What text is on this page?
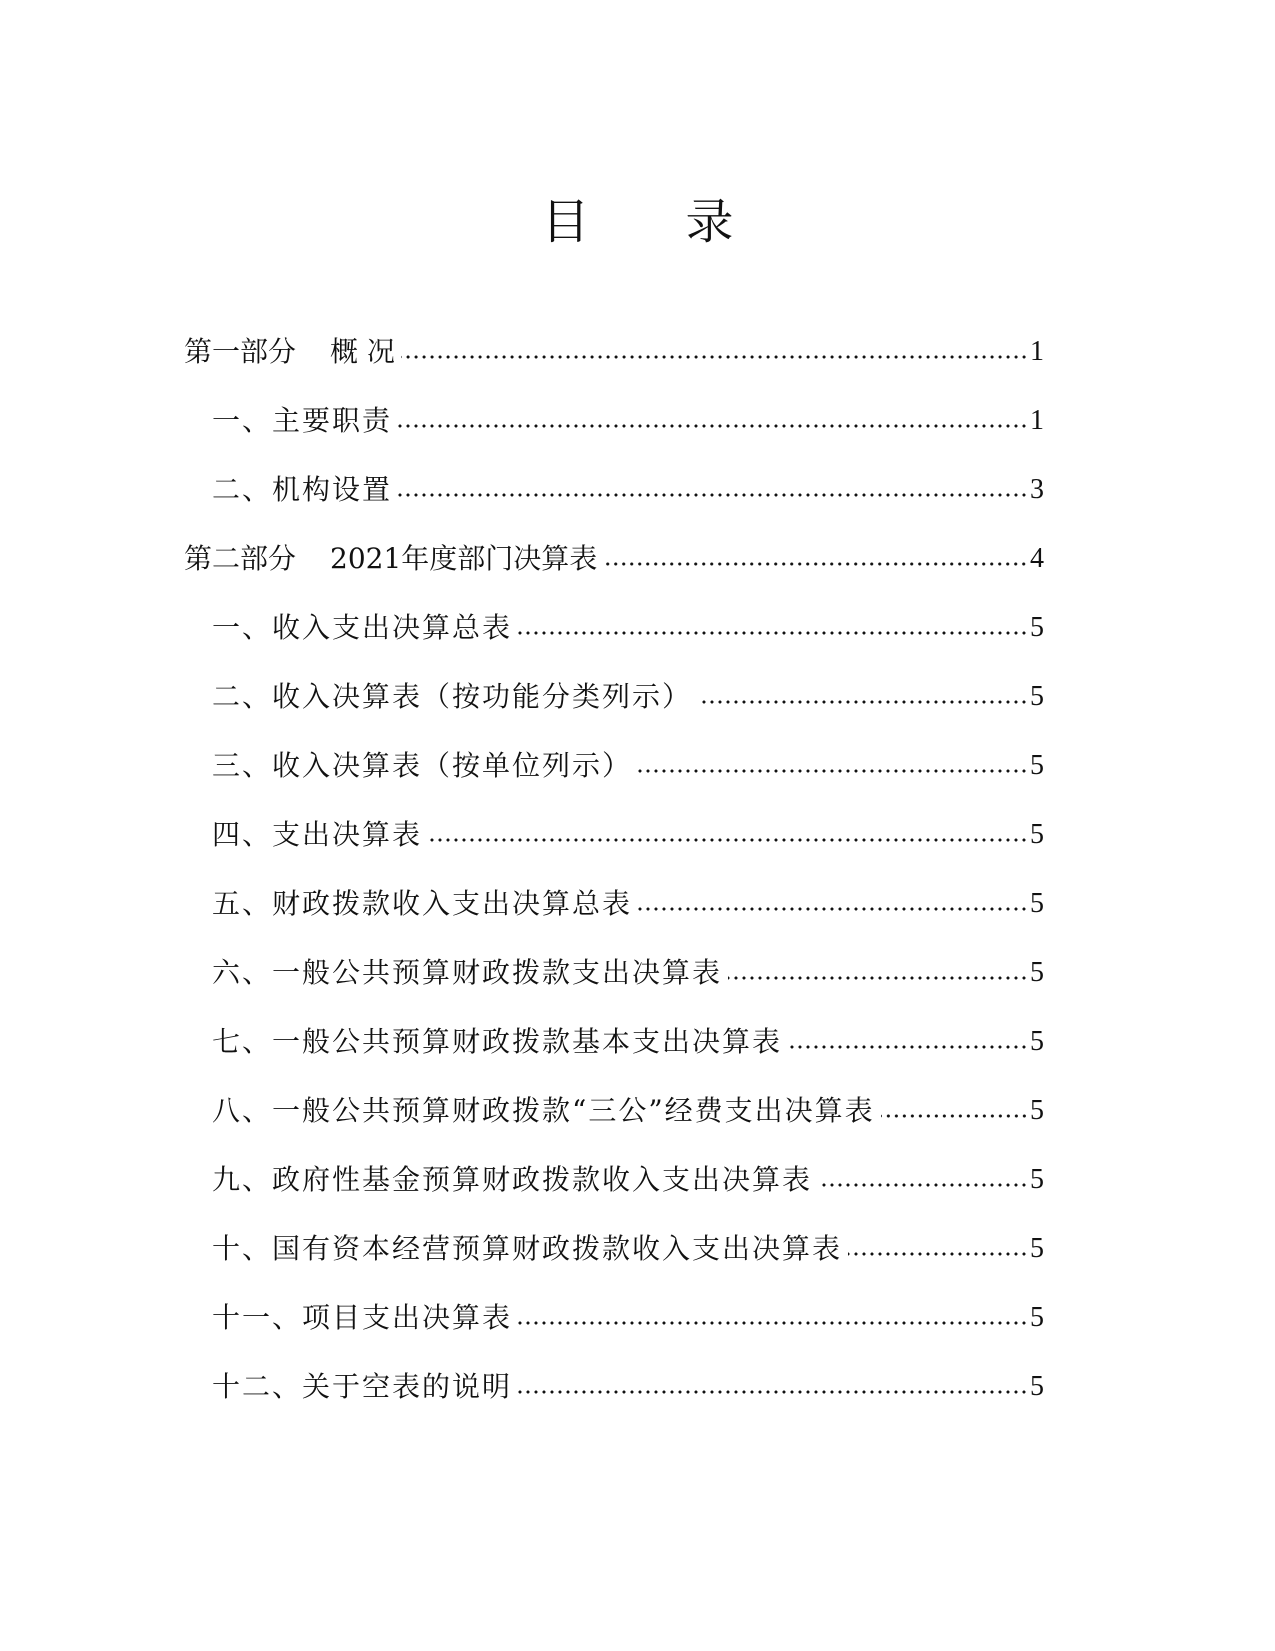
目 录
第一部分 概 况	1
一、主要职责	1
二、机构设置	3
第二部分 2021年度部门决算表	4
一、收入支出决算总表	5
二、收入决算表（按功能分类列示）	5
三、收入决算表（按单位列示）	5
四、支出决算表	5
五、财政拨款收入支出决算总表	5
六、一般公共预算财政拨款支出决算表	5
七、一般公共预算财政拨款基本支出决算表	5
八、一般公共预算财政拨款“三公”经费支出决算表	5
九、政府性基金预算财政拨款收入支出决算表	5
十、国有资本经营预算财政拨款收入支出决算表	5
十一、项目支出决算表	5
十二、关于空表的说明	5
